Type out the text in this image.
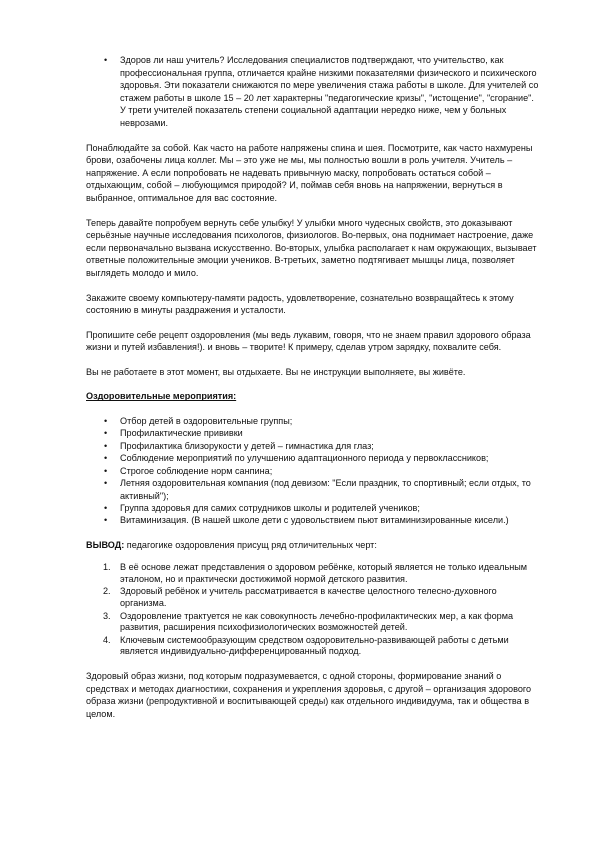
• Здоров ли наш учитель? Исследования специалистов подтверждают, что учительство, как профессиональная группа, отличается крайне низкими показателями физического и психического здоровья. Эти показатели снижаются по мере увеличения стажа работы в школе. Для учителей со стажем работы в школе 15 – 20 лет характерны "педагогические кризы", "истощение", "сгорание". У трети учителей показатель степени социальной адаптации нередко ниже, чем у больных неврозами.

Понаблюдайте за собой. Как часто на работе напряжены спина и шея. Посмотрите, как часто нахмурены брови, озабочены лица коллег. Мы – это уже не мы, мы полностью вошли в роль учителя. Учитель – напряжение. А если попробовать не надевать привычную маску, попробовать остаться собой – отдыхающим, собой – любующимся природой? И, поймав себя вновь на напряжении, вернуться в выбранное, оптимальное для вас состояние.

Теперь давайте попробуем вернуть себе улыбку! У улыбки много чудесных свойств, это доказывают серьёзные научные исследования психологов, физиологов. Во-первых, она поднимает настроение, даже если первоначально вызвана искусственно. Во-вторых, улыбка располагает к нам окружающих, вызывает ответные положительные эмоции учеников. В-третьих, заметно подтягивает мышцы лица, позволяет выглядеть молодо и мило.

Закажите своему компьютеру-памяти радость, удовлетворение, сознательно возвращайтесь к этому состоянию в минуты раздражения и усталости.

Пропишите себе рецепт оздоровления (мы ведь лукавим, говоря, что не знаем правил здорового образа жизни и путей избавления!). и вновь – творите! К примеру, сделав утром зарядку, похвалите себя.

Вы не работаете в этот момент, вы отдыхаете. Вы не инструкции выполняете, вы живёте.

Оздоровительные мероприятия:

• Отбор детей в оздоровительные группы;
• Профилактические прививки
• Профилактика близорукости у детей – гимнастика для глаз;
• Соблюдение мероприятий по улучшению адаптационного периода у первоклассников;
• Строгое соблюдение норм санпина;
• Летняя оздоровительная компания (под девизом: "Если праздник, то спортивный; если отдых, то активный");
• Группа здоровья для самих сотрудников школы и родителей учеников;
• Витаминизация. (В нашей школе дети с удовольствием пьют витаминизированные кисели.)

ВЫВОД: педагогике оздоровления присущ ряд отличительных черт:

1. В её основе лежат представления о здоровом ребёнке, который является не только идеальным эталоном, но и практически достижимой нормой детского развития.
2. Здоровый ребёнок и учитель рассматривается в качестве целостного телесно-духовного организма.
3. Оздоровление трактуется не как совокупность лечебно-профилактических мер, а как форма развития, расширения психофизиологических возможностей детей.
4. Ключевым системообразующим средством оздоровительно-развивающей работы с детьми является индивидуально-дифференцированный подход.

Здоровый образ жизни, под которым подразумевается, с одной стороны, формирование знаний о средствах и методах диагностики, сохранения и укрепления здоровья, с другой – организация здорового образа жизни (репродуктивной и воспитывающей среды) как отдельного индивидуума, так и общества в целом.
